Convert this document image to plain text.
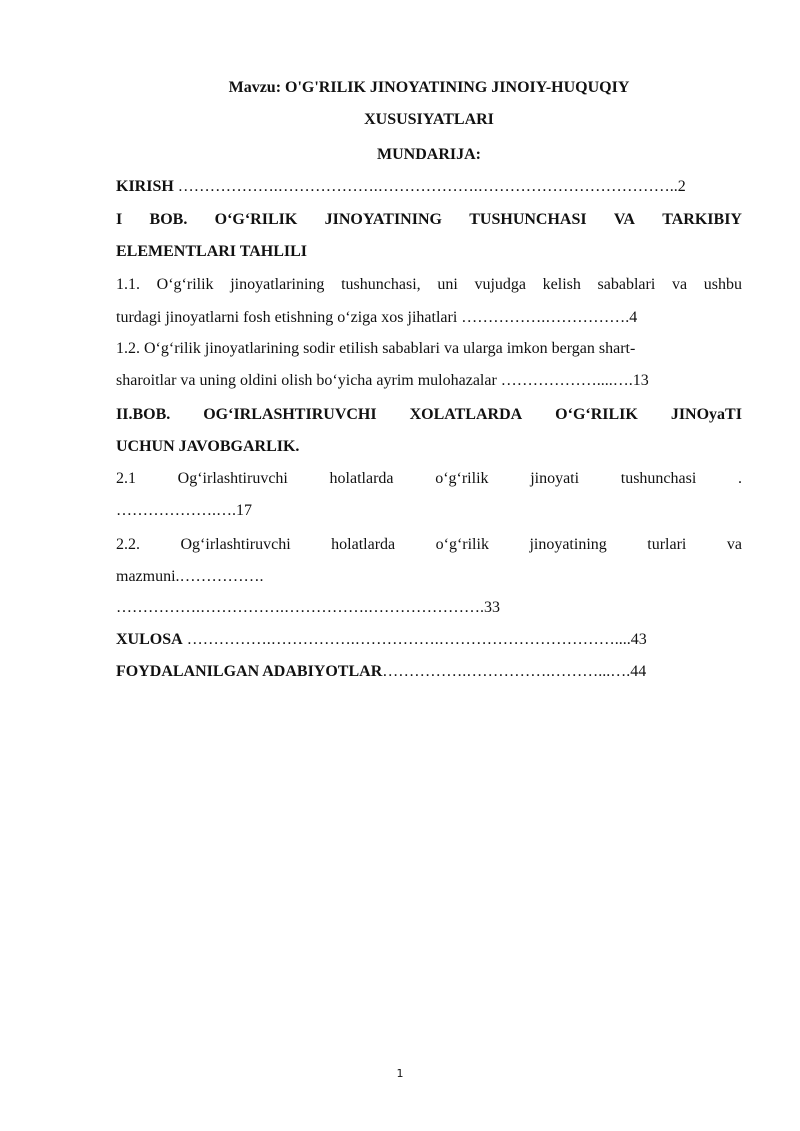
Mavzu: O'G'RILIK JINOYATINING JINOIY-HUQUQIY
XUSUSIYATLARI
MUNDARIJA:
KIRISH ……………….……………….……………….………………………………..2
I BOB. O‘G‘RILIK JINOYATINING TUSHUNCHASI VA TARKIBIY
ELEMENTLARI TAHLILI
1.1. O‘g‘rilik jinoyatlarining tushunchasi, uni vujudga kelish sabablari va ushbu
turdagi jinoyatlarni fosh etishning o‘ziga xos jihatlari …………….…………….4
1.2. O‘g‘rilik jinoyatlarining sodir etilish sabablari va ularga imkon bergan shart-
sharoitlar va uning oldini olish bo‘yicha ayrim mulohazalar ………………....….13
II.BOB. OG‘IRLASHTIRUVCHI XOLATLARDA O‘G‘RILIK JINOyaTI
UCHUN JAVOBGARLIK.
2.1	Og‘irlashtiruvchi	holatlarda	o‘g‘rilik	jinoyati	tushunchasi	.
……………….….17
2.2.	Og‘irlashtiruvchi	holatlarda	o‘g‘rilik	jinoyatining	turlari	va
mazmuni.…………….
…………….…………….…………….………………….33
XULOSA …………….…………….…………….……………………………....43
FOYDALANILGAN ADABIYOTLAR…………….…………….………...….44
1
